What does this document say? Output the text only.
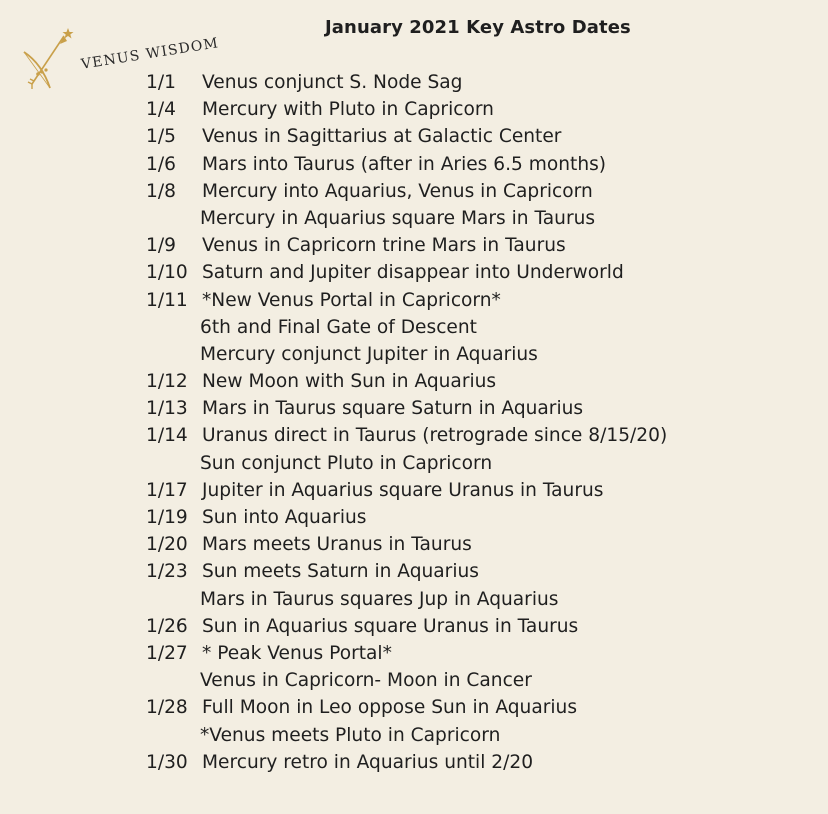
VENUS WISDOM
January 2021 Key Astro Dates
1/1 Venus conjunct S. Node Sag
1/4 Mercury with Pluto in Capricorn
1/5 Venus in Sagittarius at Galactic Center
1/6 Mars into Taurus (after in Aries 6.5 months)
1/8 Mercury into Aquarius, Venus in Capricorn
Mercury in Aquarius square Mars in Taurus
1/9 Venus in Capricorn trine Mars in Taurus
1/10 Saturn and Jupiter disappear into Underworld
1/11 *New Venus Portal in Capricorn*
6th and Final Gate of Descent
Mercury conjunct Jupiter in Aquarius
1/12 New Moon with Sun in Aquarius
1/13 Mars in Taurus square Saturn in Aquarius
1/14 Uranus direct in Taurus (retrograde since 8/15/20)
Sun conjunct Pluto in Capricorn
1/17 Jupiter in Aquarius square Uranus in Taurus
1/19 Sun into Aquarius
1/20 Mars meets Uranus in Taurus
1/23 Sun meets Saturn in Aquarius
Mars in Taurus squares Jup in Aquarius
1/26 Sun in Aquarius square Uranus in Taurus
1/27 * Peak Venus Portal*
Venus in Capricorn- Moon in Cancer
1/28 Full Moon in Leo oppose Sun in Aquarius
*Venus meets Pluto in Capricorn
1/30 Mercury retro in Aquarius until 2/20
